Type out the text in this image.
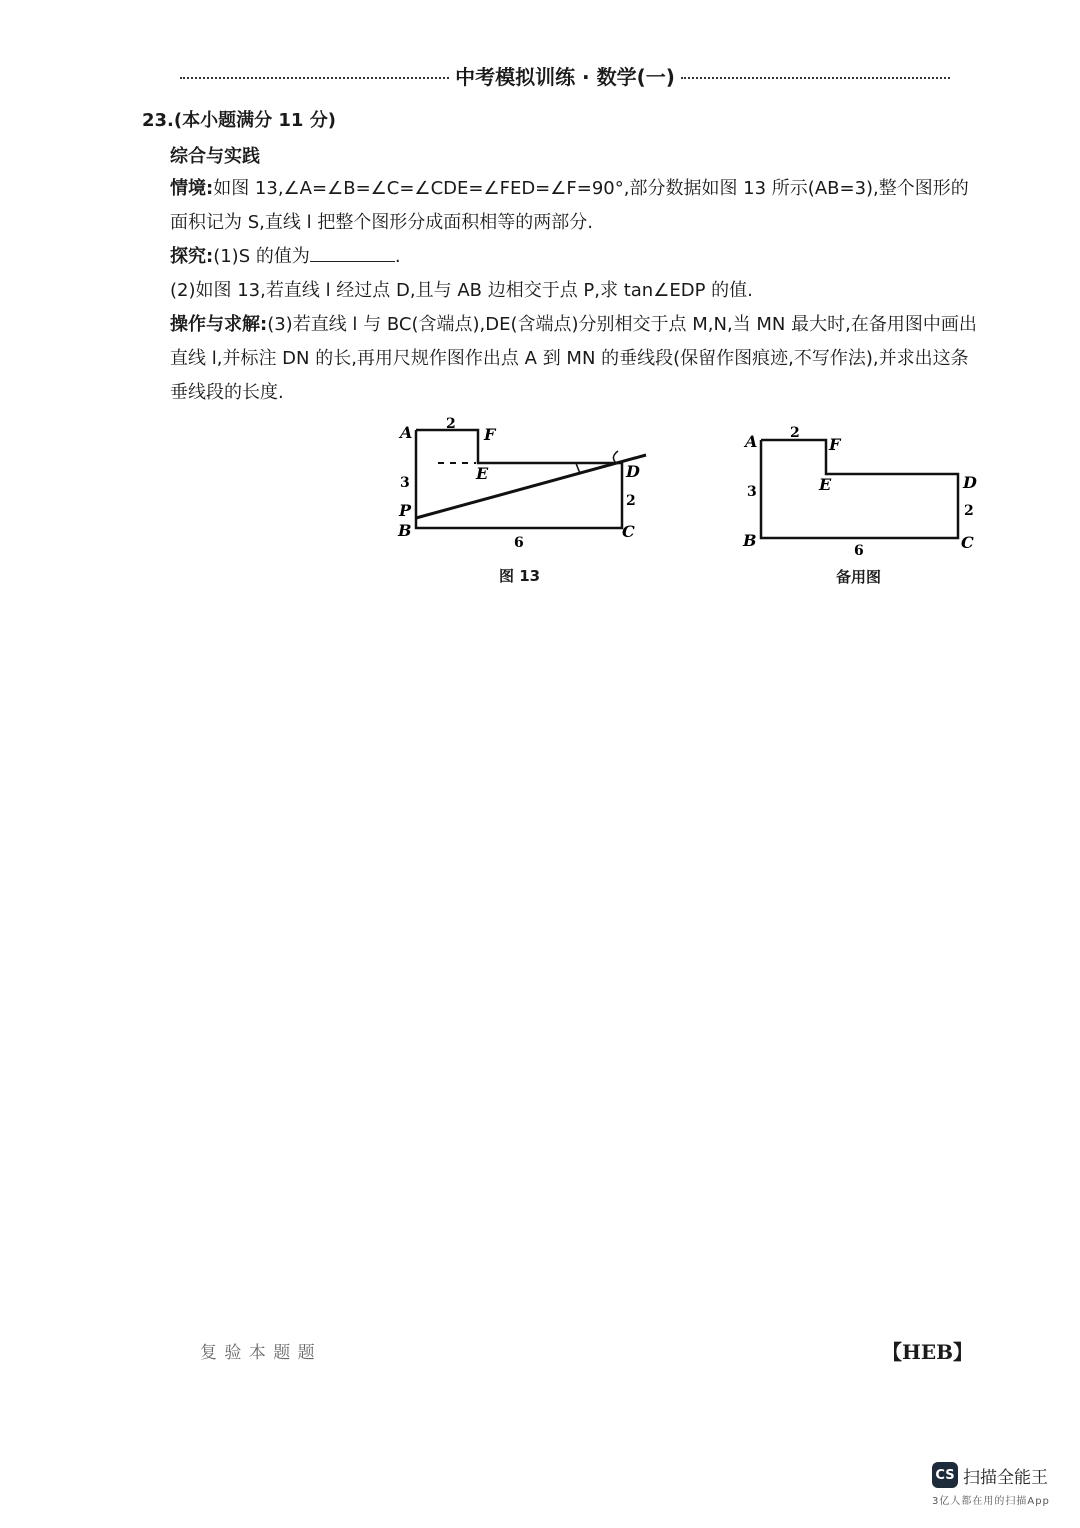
中考模拟训练 · 数学(一)
23.(本小题满分 11 分)
综合与实践
情境:如图 13,∠A=∠B=∠C=∠CDE=∠FED=∠F=90°,部分数据如图 13 所示(AB=3),整个图形的面积记为 S,直线 l 把整个图形分成面积相等的两部分.
探究:(1)S 的值为	.
(2)如图 13,若直线 l 经过点 D,且与 AB 边相交于点 P,求 tan∠EDP 的值.
操作与求解:(3)若直线 l 与 BC(含端点),DE(含端点)分别相交于点 M,N,当 MN 最大时,在备用图中画出直线 l,并标注 DN 的长,再用尺规作图作出点 A 到 MN 的垂线段(保留作图痕迹,不写作法),并求出这条垂线段的长度.
A	F
E	D
C
B
P
2
3
2
6
图 13
A	F
E	D
C
B
2
3
2
6
备用图
复 验 本 题 题	【HEB】
CS 扫描全能王
3亿人都在用的扫描App
